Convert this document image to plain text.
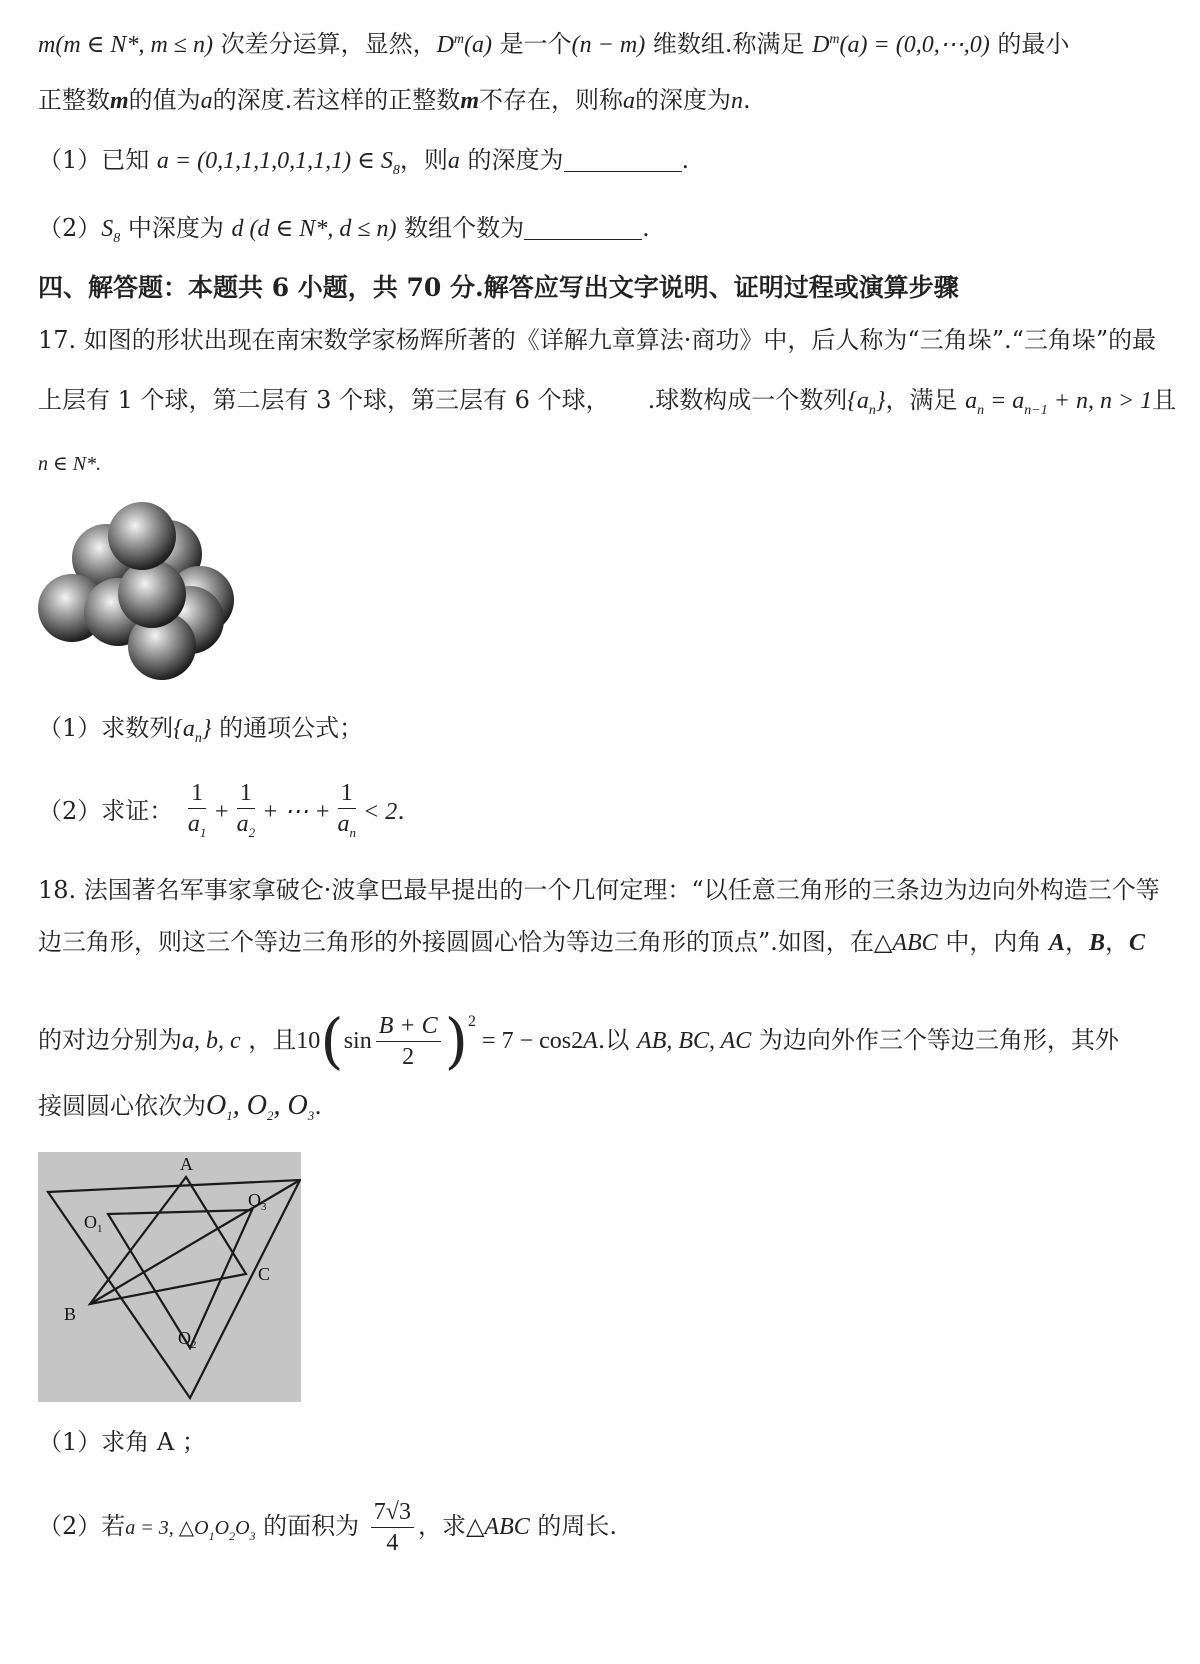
m(m ∈ N*, m ≤ n) 次差分运算，显然，$D^m(a)$ 是一个(n − m) 维数组.称满足 $D^m(a)$ = (0,0,⋯,0) 的最小
正整数m的值为a的深度.若这样的正整数m不存在，则称a的深度为n.
（1）已知 a = (0,1,1,1,0,1,1,1) ∈ $S_8$，则a 的深度为	.
$(2)S_8$ 中深度为 d (d ∈ N*, d ≤ n) 数组个数为	.
四、解答题：本题共 6 小题，共 70 分.解答应写出文字说明、证明过程或演算步骤
17. 如图的形状出现在南宋数学家杨辉所著的《详解九章算法·商功》中，后人称为“三角垛”.“三角垛”的最
上层有 1 个球，第二层有 3 个球，第三层有 6 个球， .球数构成一个数列$\{a_n\}$，满足 $a_n = a_{n-1} + n$, n > 1且
n ∈ N*.
（1）求数列$\{a_n\}$ 的通项公式；
（2）求证： $\frac{1}{a_1} + \frac{1}{a_2}$ + ⋯ + $\frac{1}{a_n} < 2$.
18. 法国著名军事家拿破仑·波拿巴最早提出的一个几何定理：“以任意三角形的三条边为边向外构造三个等
边三角形，则这三个等边三角形的外接圆圆心恰为等边三角形的顶点”.如图，在△ABC 中，内角 A，B，C
的对边分别为a, b, c ，且$10(\sin \frac{B + C}{2} )^2 = 7 - \cos 2A$.以 AB, BC, AC 为边向外作三个等边三角形，其外
接圆圆心依次为$O_1$, $O_2$, $O_3$.
A
B
C
$O_1$
$O_2$
$O_3$
（1）求角 A ；
（2）若a = 3, $\triangle O_1O_2O_3$ 的面积为 $\frac{7√3}{4}$ ，求△ABC 的周长.
